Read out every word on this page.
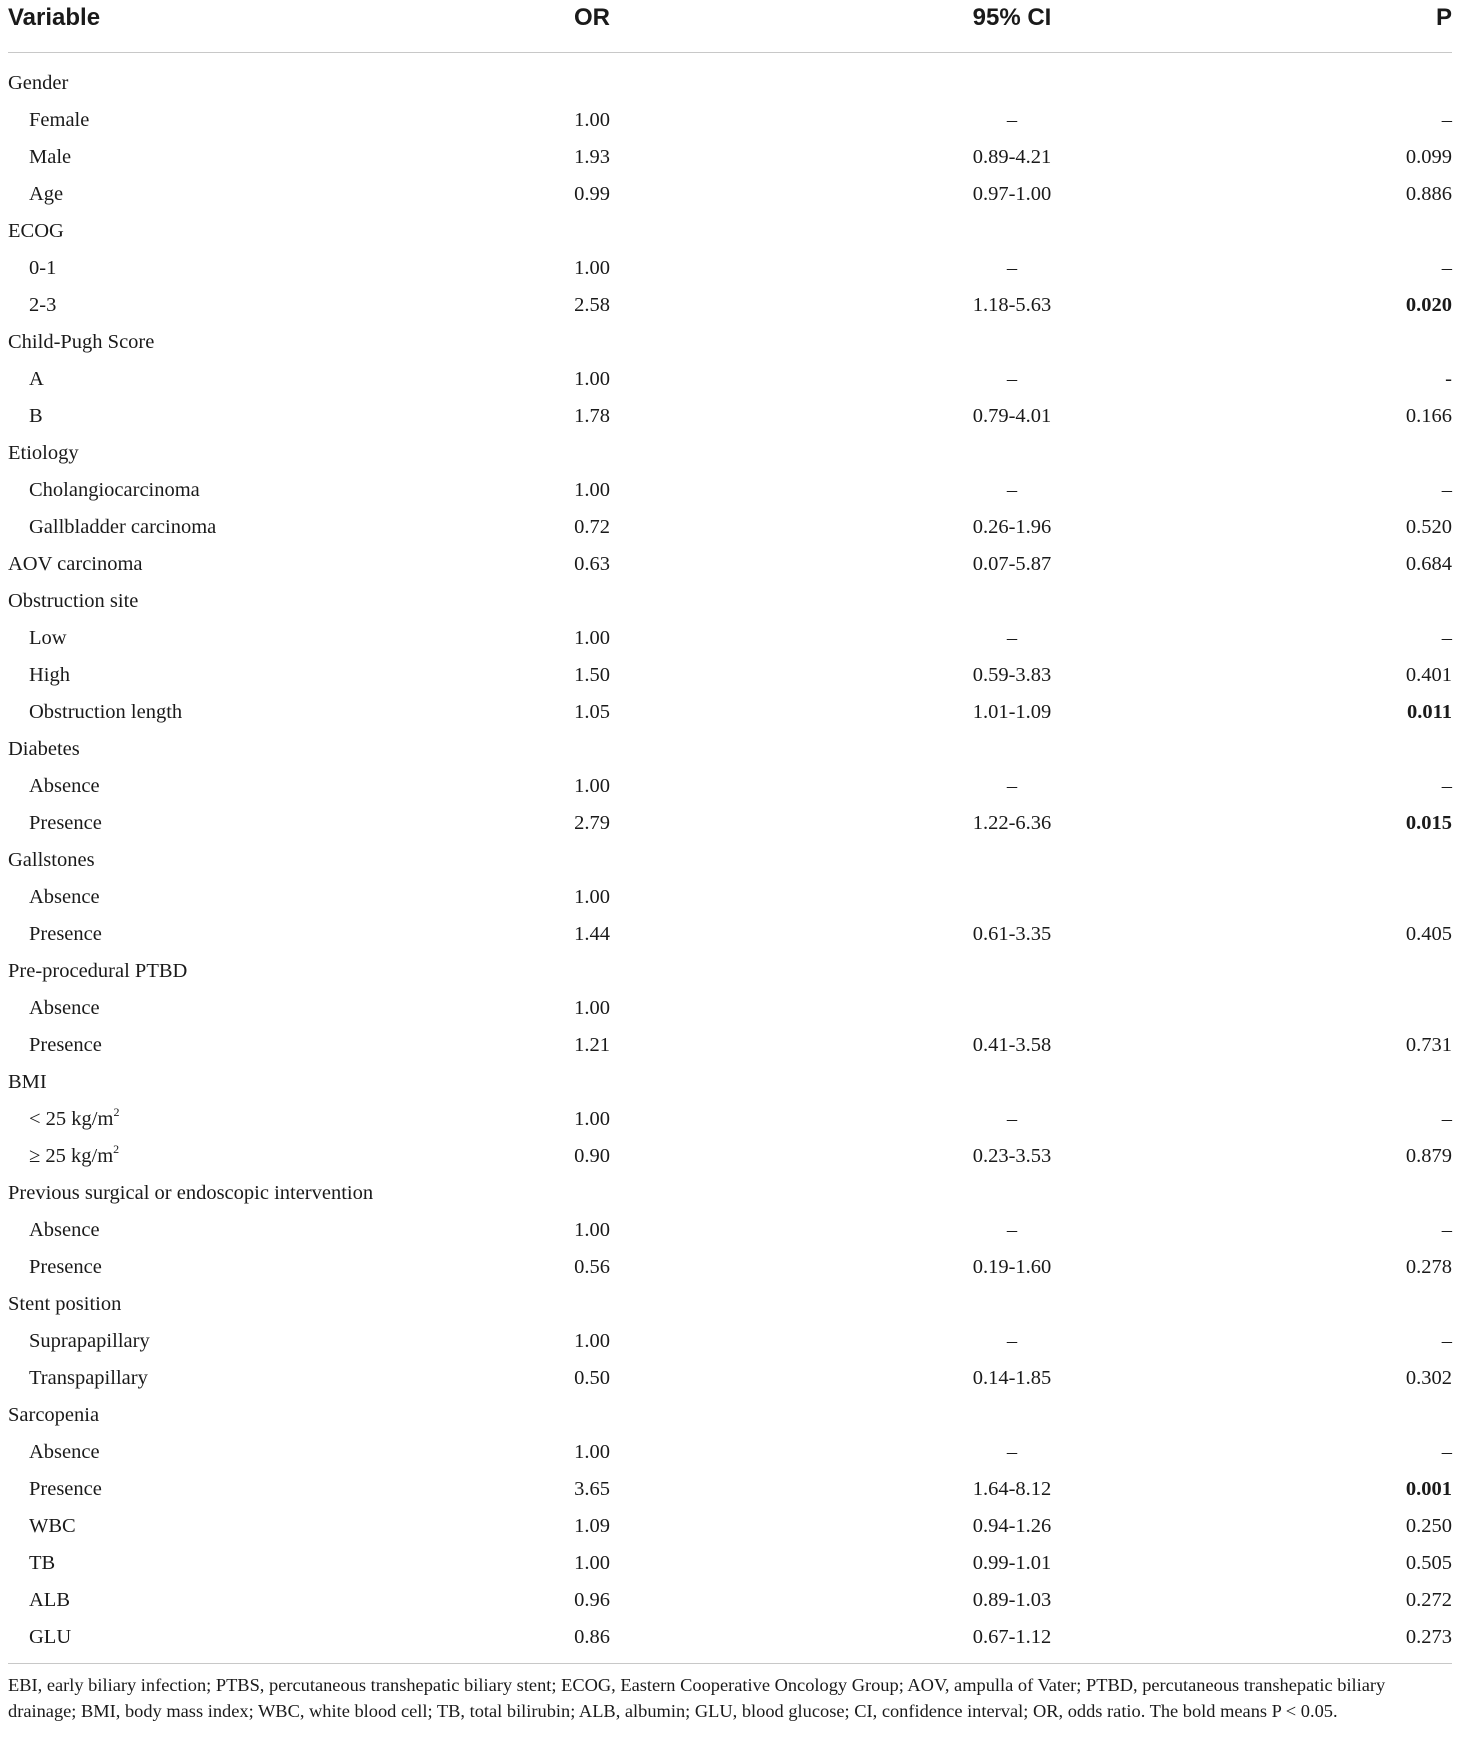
Variable	OR	95% CI	P
Gender
Female	1.00	–	–
Male	1.93	0.89-4.21	0.099
Age	0.99	0.97-1.00	0.886
ECOG
0-1	1.00	–	–
2-3	2.58	1.18-5.63	0.020
Child-Pugh Score
A	1.00	–	-
B	1.78	0.79-4.01	0.166
Etiology
Cholangiocarcinoma	1.00	–	–
Gallbladder carcinoma	0.72	0.26-1.96	0.520
AOV carcinoma	0.63	0.07-5.87	0.684
Obstruction site
Low	1.00	–	–
High	1.50	0.59-3.83	0.401
Obstruction length	1.05	1.01-1.09	0.011
Diabetes
Absence	1.00	–	–
Presence	2.79	1.22-6.36	0.015
Gallstones
Absence	1.00
Presence	1.44	0.61-3.35	0.405
Pre-procedural PTBD
Absence	1.00
Presence	1.21	0.41-3.58	0.731
BMI
< 25 $kg/m^2$	1.00	–	–
≥ 25 $kg/m^2$	0.90	0.23-3.53	0.879
Previous surgical or endoscopic intervention
Absence	1.00	–	–
Presence	0.56	0.19-1.60	0.278
Stent position
Suprapapillary	1.00	–	–
Transpapillary	0.50	0.14-1.85	0.302
Sarcopenia
Absence	1.00	–	–
Presence	3.65	1.64-8.12	0.001
WBC	1.09	0.94-1.26	0.250
TB	1.00	0.99-1.01	0.505
ALB	0.96	0.89-1.03	0.272
GLU	0.86	0.67-1.12	0.273
EBI, early biliary infection; PTBS, percutaneous transhepatic biliary stent; ECOG, Eastern Cooperative Oncology Group; AOV, ampulla of Vater; PTBD, percutaneous transhepatic biliary drainage; BMI, body mass index; WBC, white blood cell; TB, total bilirubin; ALB, albumin; GLU, blood glucose; CI, confidence interval; OR, odds ratio. The bold means P < 0.05.
